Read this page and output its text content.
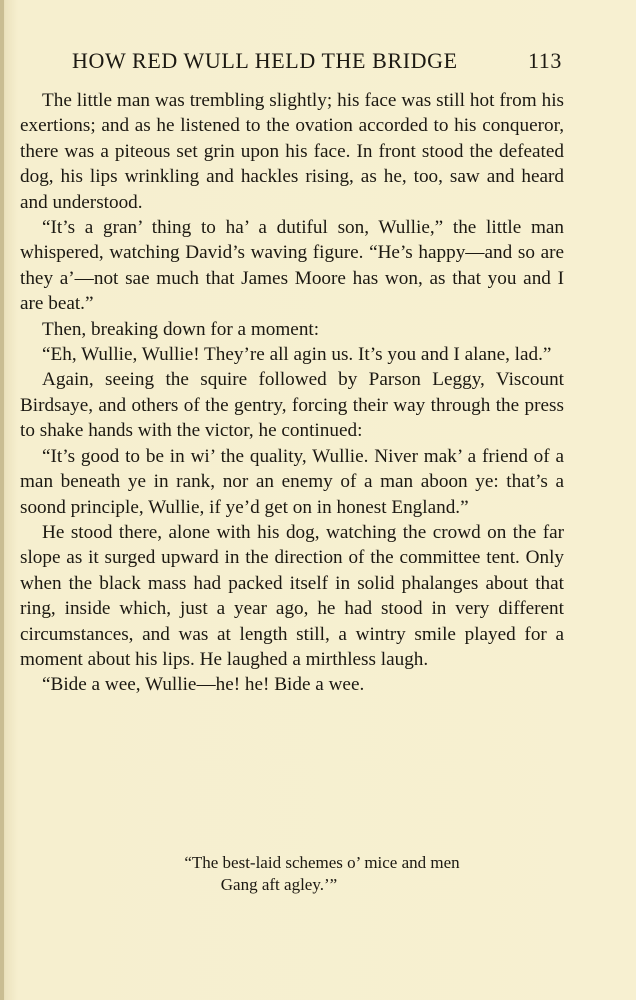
HOW RED WULL HELD THE BRIDGE	113

The little man was trembling slightly; his face was still hot from his exertions; and as he listened to the ovation accorded to his conqueror, there was a piteous set grin upon his face. In front stood the defeated dog, his lips wrinkling and hackles rising, as he, too, saw and heard and understood.

“It’s a gran’ thing to ha’ a dutiful son, Wullie,” the little man whispered, watching David’s waving figure. “He’s happy—and so are they a’—not sae much that James Moore has won, as that you and I are beat.”

Then, breaking down for a moment:

“Eh, Wullie, Wullie! They’re all agin us. It’s you and I alane, lad.”

Again, seeing the squire followed by Parson Leggy, Viscount Birdsaye, and others of the gentry, forcing their way through the press to shake hands with the victor, he continued:

“It’s good to be in wi’ the quality, Wullie. Niver mak’ a friend of a man beneath ye in rank, nor an enemy of a man aboon ye: that’s a soond principle, Wullie, if ye’d get on in honest England.”

He stood there, alone with his dog, watching the crowd on the far slope as it surged upward in the direction of the committee tent. Only when the black mass had packed itself in solid phalanges about that ring, inside which, just a year ago, he had stood in very different circumstances, and was at length still, a wintry smile played for a moment about his lips. He laughed a mirthless laugh.

“Bide a wee, Wullie—he! he! Bide a wee.

“The best-laid schemes o’ mice and men
Gang aft agley.’”
